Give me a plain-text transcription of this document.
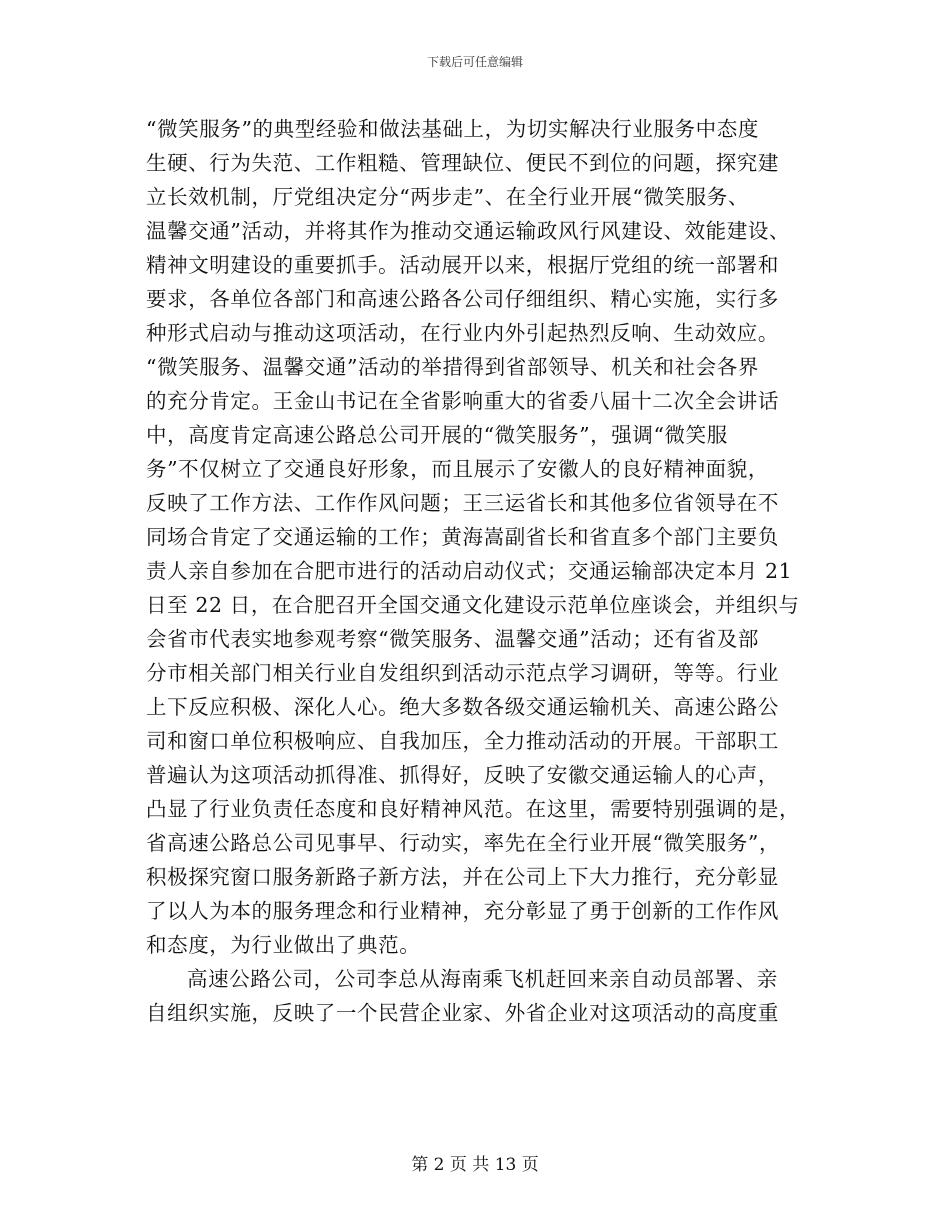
下载后可任意编辑
“微笑服务”的典型经验和做法基础上，为切实解决行业服务中态度
生硬、行为失范、工作粗糙、管理缺位、便民不到位的问题，探究建
立长效机制，厅党组决定分“两步走”、在全行业开展“微笑服务、
温馨交通”活动，并将其作为推动交通运输政风行风建设、效能建设、
精神文明建设的重要抓手。活动展开以来，根据厅党组的统一部署和
要求，各单位各部门和高速公路各公司仔细组织、精心实施，实行多
种形式启动与推动这项活动，在行业内外引起热烈反响、生动效应。
“微笑服务、温馨交通”活动的举措得到省部领导、机关和社会各界
的充分肯定。王金山书记在全省影响重大的省委八届十二次全会讲话
中，高度肯定高速公路总公司开展的“微笑服务”，强调“微笑服
务”不仅树立了交通良好形象，而且展示了安徽人的良好精神面貌，
反映了工作方法、工作作风问题；王三运省长和其他多位省领导在不
同场合肯定了交通运输的工作；黄海嵩副省长和省直多个部门主要负
责人亲自参加在合肥市进行的活动启动仪式；交通运输部决定本月 21
日至 22 日，在合肥召开全国交通文化建设示范单位座谈会，并组织与
会省市代表实地参观考察“微笑服务、温馨交通”活动；还有省及部
分市相关部门相关行业自发组织到活动示范点学习调研，等等。行业
上下反应积极、深化人心。绝大多数各级交通运输机关、高速公路公
司和窗口单位积极响应、自我加压，全力推动活动的开展。干部职工
普遍认为这项活动抓得准、抓得好，反映了安徽交通运输人的心声，
凸显了行业负责任态度和良好精神风范。在这里，需要特别强调的是，
省高速公路总公司见事早、行动实，率先在全行业开展“微笑服务”，
积极探究窗口服务新路子新方法，并在公司上下大力推行，充分彰显
了以人为本的服务理念和行业精神，充分彰显了勇于创新的工作作风
和态度，为行业做出了典范。
高速公路公司，公司李总从海南乘飞机赶回来亲自动员部署、亲
自组织实施，反映了一个民营企业家、外省企业对这项活动的高度重
第 2 页 共 13 页
